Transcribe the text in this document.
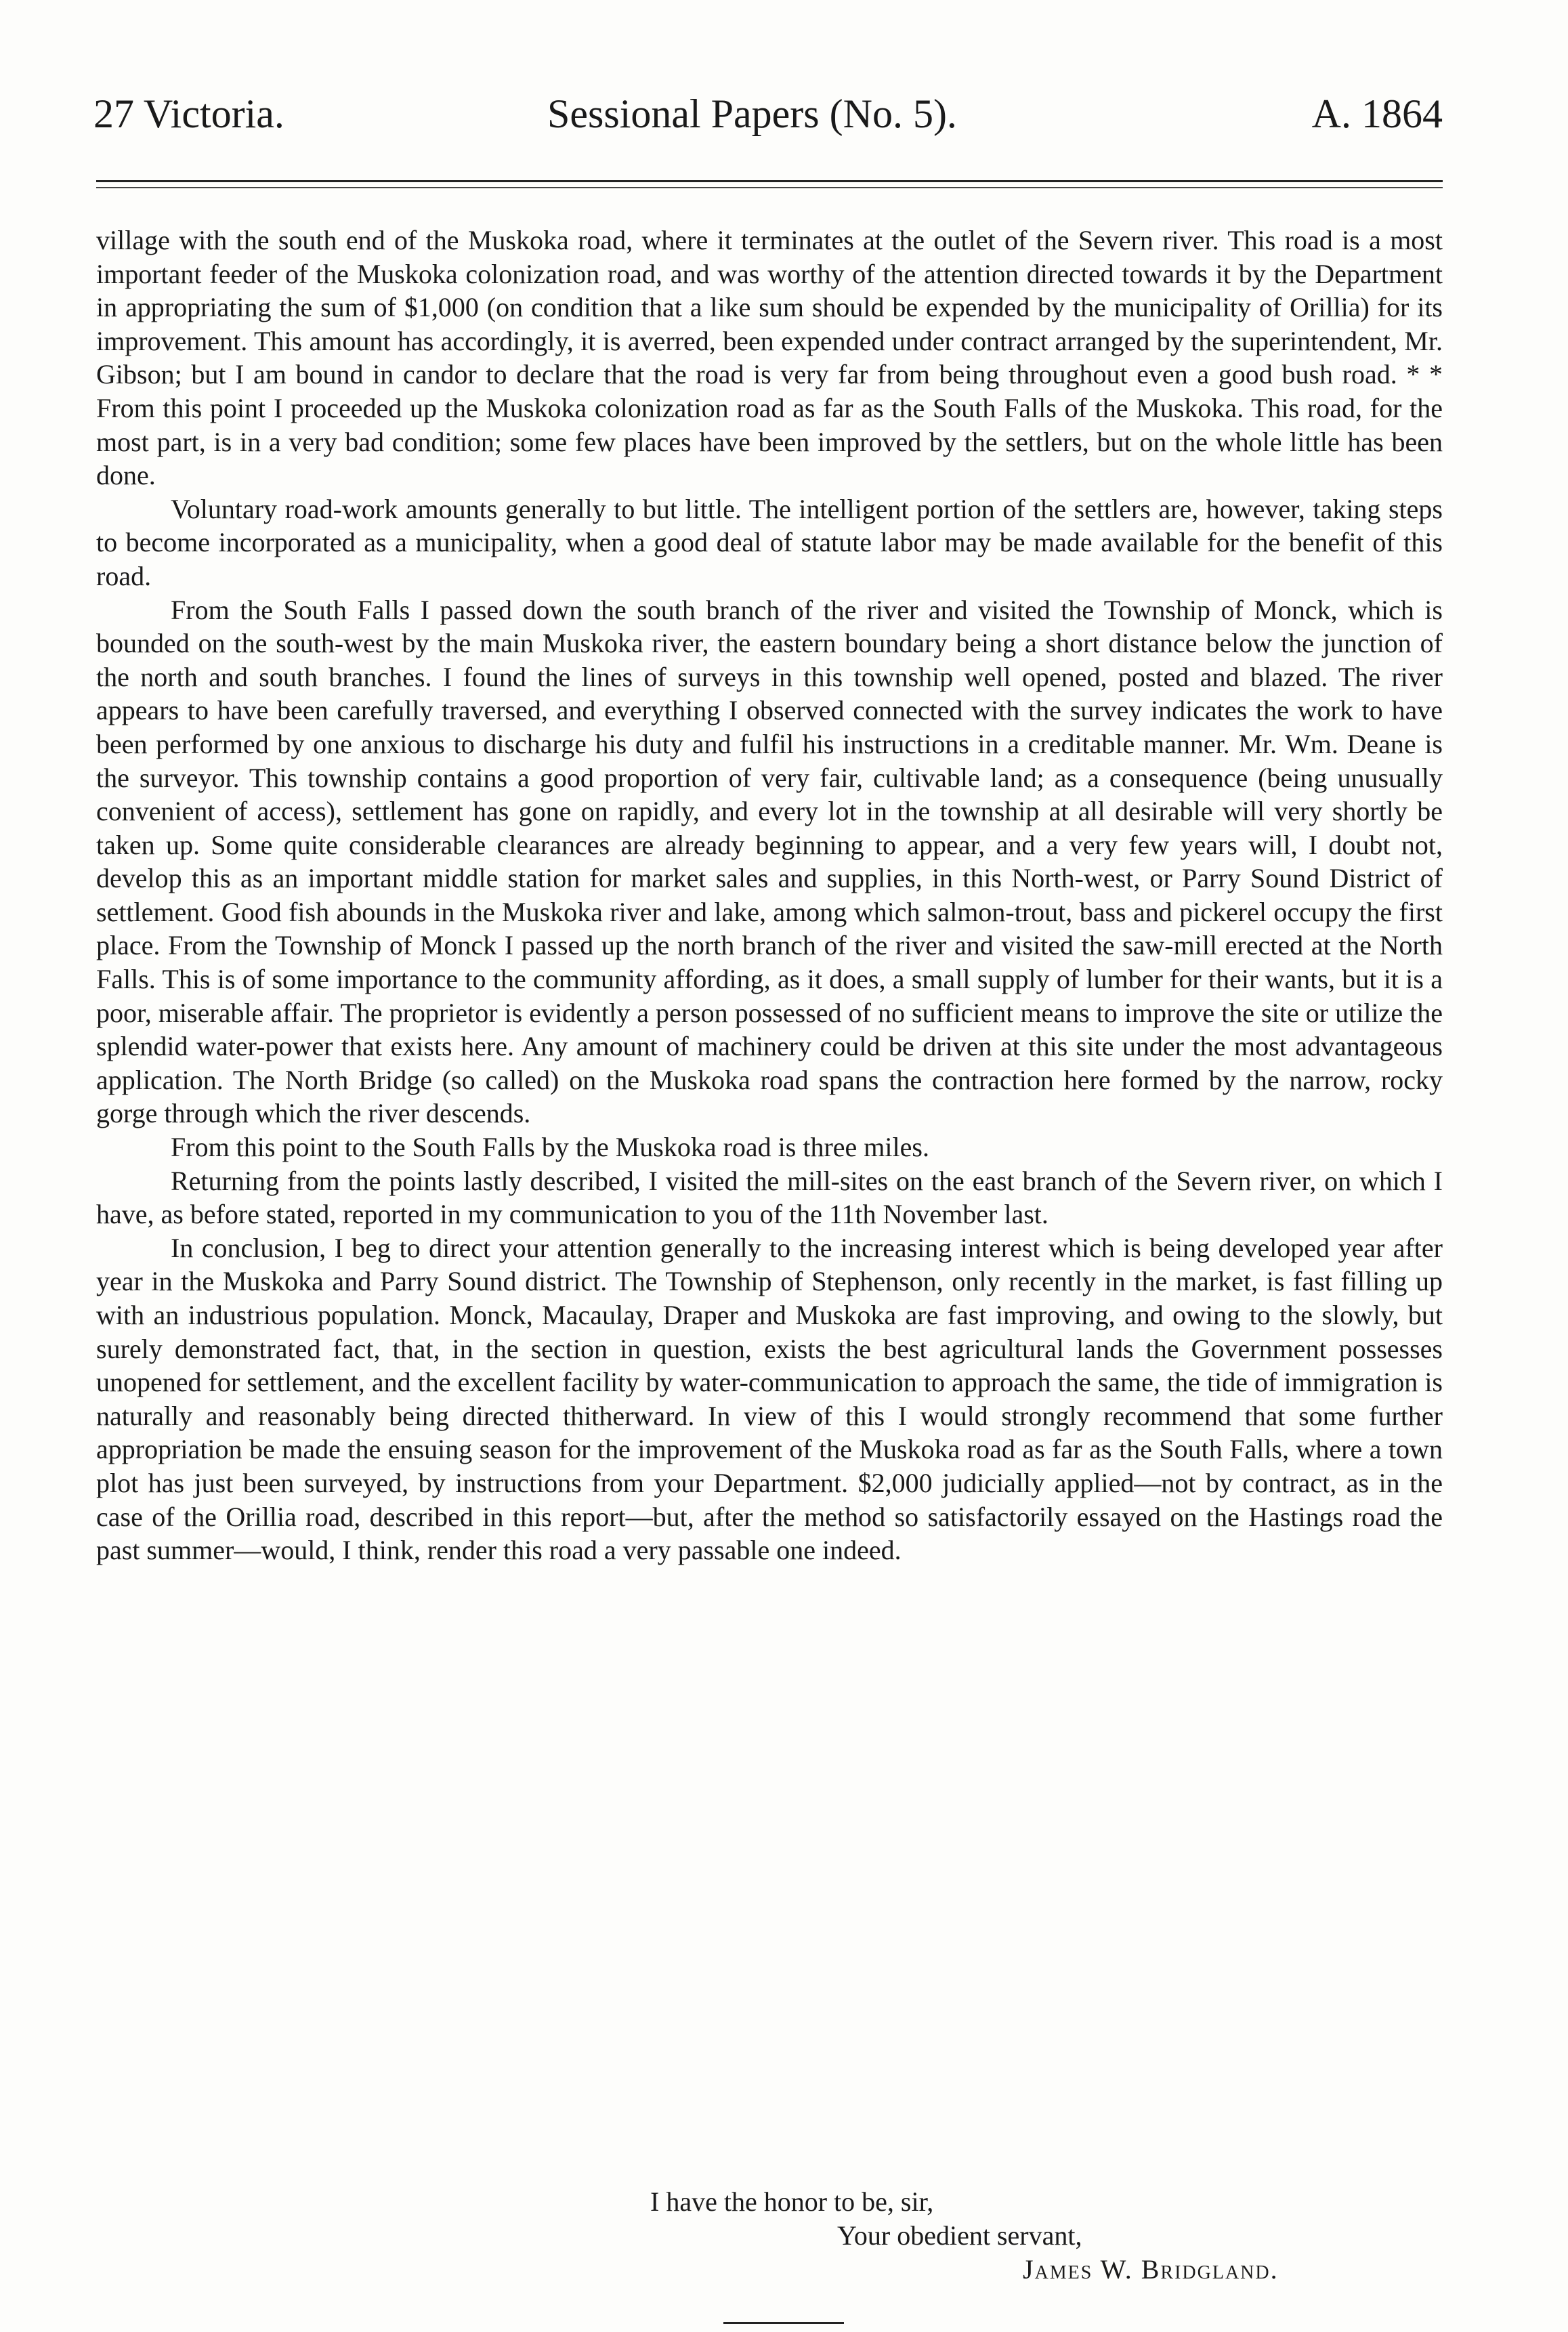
27 Victoria.	Sessional Papers (No. 5).	A. 1864

village with the south end of the Muskoka road, where it terminates at the outlet of the Severn river. This road is a most important feeder of the Muskoka colonization road, and was worthy of the attention directed towards it by the Department in appropriating the sum of $1,000 (on condition that a like sum should be expended by the municipality of Orillia) for its improvement. This amount has accordingly, it is averred, been expended under contract arranged by the superintendent, Mr. Gibson; but I am bound in candor to declare that the road is very far from being throughout even a good bush road. * * From this point I proceeded up the Muskoka colonization road as far as the South Falls of the Muskoka. This road, for the most part, is in a very bad condition; some few places have been improved by the settlers, but on the whole little has been done.

Voluntary road-work amounts generally to but little. The intelligent portion of the settlers are, however, taking steps to become incorporated as a municipality, when a good deal of statute labor may be made available for the benefit of this road.

From the South Falls I passed down the south branch of the river and visited the Township of Monck, which is bounded on the south-west by the main Muskoka river, the eastern boundary being a short distance below the junction of the north and south branches. I found the lines of surveys in this township well opened, posted and blazed. The river appears to have been carefully traversed, and everything I observed connected with the survey indicates the work to have been performed by one anxious to discharge his duty and fulfil his instructions in a creditable manner. Mr. Wm. Deane is the surveyor. This township contains a good proportion of very fair, cultivable land; as a consequence (being unusually convenient of access), settlement has gone on rapidly, and every lot in the township at all desirable will very shortly be taken up. Some quite considerable clearances are already beginning to appear, and a very few years will, I doubt not, develop this as an important middle station for market sales and supplies, in this North-west, or Parry Sound District of settlement. Good fish abounds in the Muskoka river and lake, among which salmon-trout, bass and pickerel occupy the first place. From the Township of Monck I passed up the north branch of the river and visited the saw-mill erected at the North Falls. This is of some importance to the community affording, as it does, a small supply of lumber for their wants, but it is a poor, miserable affair. The proprietor is evidently a person possessed of no sufficient means to improve the site or utilize the splendid water-power that exists here. Any amount of machinery could be driven at this site under the most advantageous application. The North Bridge (so called) on the Muskoka road spans the contraction here formed by the narrow, rocky gorge through which the river descends.

From this point to the South Falls by the Muskoka road is three miles.

Returning from the points lastly described, I visited the mill-sites on the east branch of the Severn river, on which I have, as before stated, reported in my communication to you of the 11th November last.

In conclusion, I beg to direct your attention generally to the increasing interest which is being developed year after year in the Muskoka and Parry Sound district. The Township of Stephenson, only recently in the market, is fast filling up with an industrious population. Monck, Macaulay, Draper and Muskoka are fast improving, and owing to the slowly, but surely demonstrated fact, that, in the section in question, exists the best agricultural lands the Government possesses unopened for settlement, and the excellent facility by water-communication to approach the same, the tide of immigration is naturally and reasonably being directed thitherward. In view of this I would strongly recommend that some further appropriation be made the ensuing season for the improvement of the Muskoka road as far as the South Falls, where a town plot has just been surveyed, by instructions from your Department. $2,000 judicially applied—not by contract, as in the case of the Orillia road, described in this report—but, after the method so satisfactorily essayed on the Hastings road the past summer—would, I think, render this road a very passable one indeed.

I have the honor to be, sir,
Your obedient servant,
James W. Bridgland.
